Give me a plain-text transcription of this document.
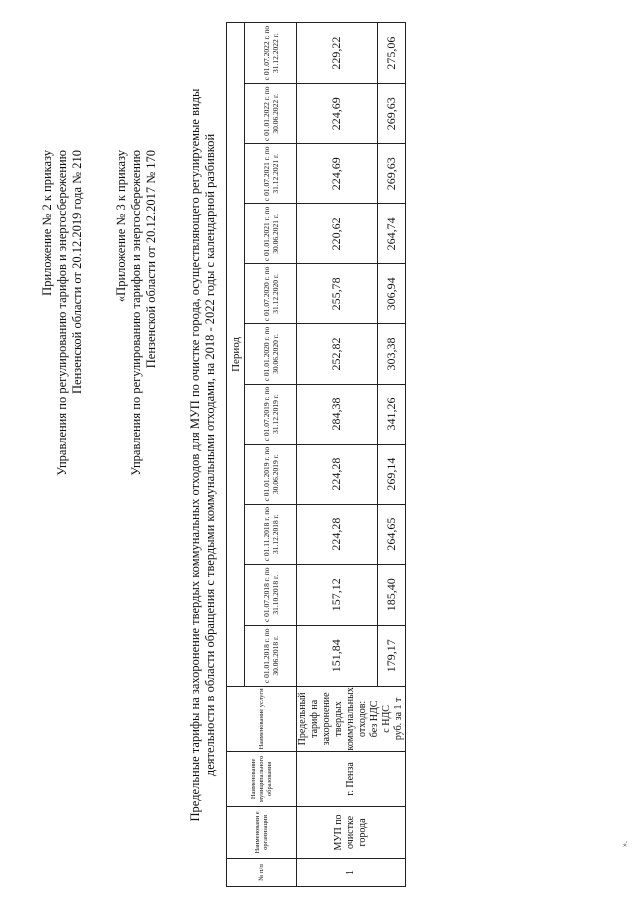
Приложение № 2 к приказу Управления по регулированию тарифов и энергосбережению Пензенской области от 20.12.2019 года № 210 «Приложение № 3 к приказу Управления по регулированию тарифов и энергосбережению Пензенской области от 20.12.2017 № 170 Предельные тарифы на захоронение твердых коммунальных отходов для МУП по очистке города, осуществляющего регулируемые виды деятельности в области обращения с твердыми коммунальными отходами, на 2018 - 2022 годы с календарной разбивкой
№ п/п	Наименовани е организации	Наименование муниципального образования	Наименование услуги	Период										
				с 01.01.2018 г. по 30.06.2018 г.	с 01.07.2018 г. по 31.10.2018 г.	с 01.11.2018 г. по 31.12.2018 г.	с 01.01.2019 г. по 30.06.2019 г.	с 01.07.2019 г. по 31.12.2019 г.	с 01.01.2020 г. по 30.06.2020 г.	с 01.07.2020 г. по 31.12.2020 г.	с 01.01.2021 г. по 30.06.2021 г.	с 01.07.2021 г. по 31.12.2021 г.	с 01.01.2022 г. по 30.06.2022 г.	с 01.07.2022 г. по 31.12.2022 г.
1	МУП по очистке города	г. Пенза	Предельный тариф на захоронение твердых коммунальных отходов: без НДС с НДС руб. за 1 т	151,84	157,12	224,28	224,28	284,38	252,82	255,78	220,62	224,69	224,69	229,22
				179,17	185,40	264,65	269,14	341,26	303,38	306,94	264,74	269,63	269,63	275,06
».
